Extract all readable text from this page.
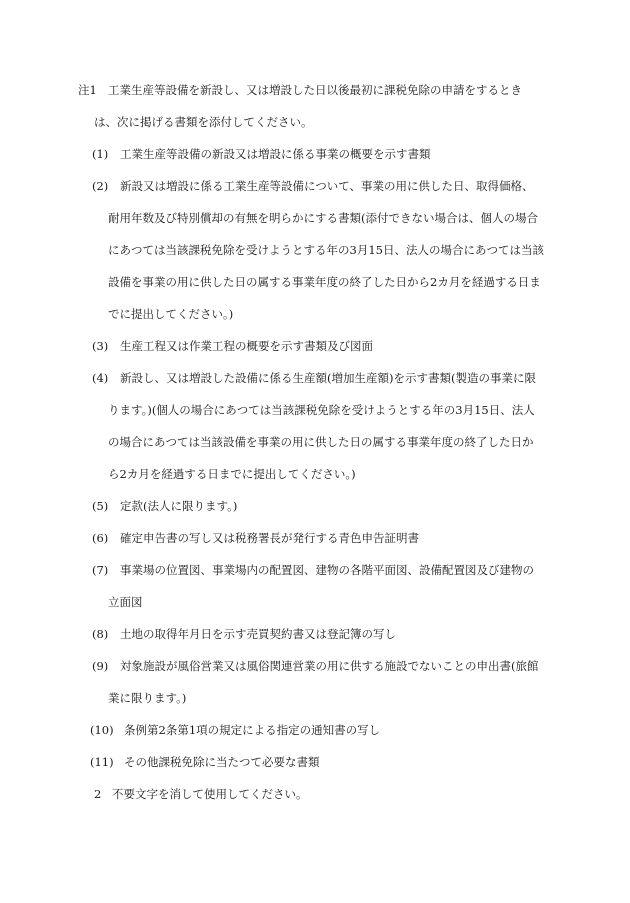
注1 工業生産等設備を新設し、又は増設した日以後最初に課税免除の申請をするとき
は、次に掲げる書類を添付してください。
(1) 工業生産等設備の新設又は増設に係る事業の概要を示す書類
(2) 新設又は増設に係る工業生産等設備について、事業の用に供した日、取得価格、
耐用年数及び特別償却の有無を明らかにする書類(添付できない場合は、個人の場合
にあつては当該課税免除を受けようとする年の3月15日、法人の場合にあつては当該
設備を事業の用に供した日の属する事業年度の終了した日から2カ月を経過する日ま
でに提出してください。)
(3) 生産工程又は作業工程の概要を示す書類及び図面
(4) 新設し、又は増設した設備に係る生産額(増加生産額)を示す書類(製造の事業に限
ります。)(個人の場合にあつては当該課税免除を受けようとする年の3月15日、法人
の場合にあつては当該設備を事業の用に供した日の属する事業年度の終了した日か
ら2カ月を経過する日までに提出してください。)
(5) 定款(法人に限ります。)
(6) 確定申告書の写し又は税務署長が発行する青色申告証明書
(7) 事業場の位置図、事業場内の配置図、建物の各階平面図、設備配置図及び建物の
立面図
(8) 土地の取得年月日を示す売買契約書又は登記簿の写し
(9) 対象施設が風俗営業又は風俗関連営業の用に供する施設でないことの申出書(旅館
業に限ります。)
(10) 条例第2条第1項の規定による指定の通知書の写し
(11) その他課税免除に当たつて必要な書類
2 不要文字を消して使用してください。
